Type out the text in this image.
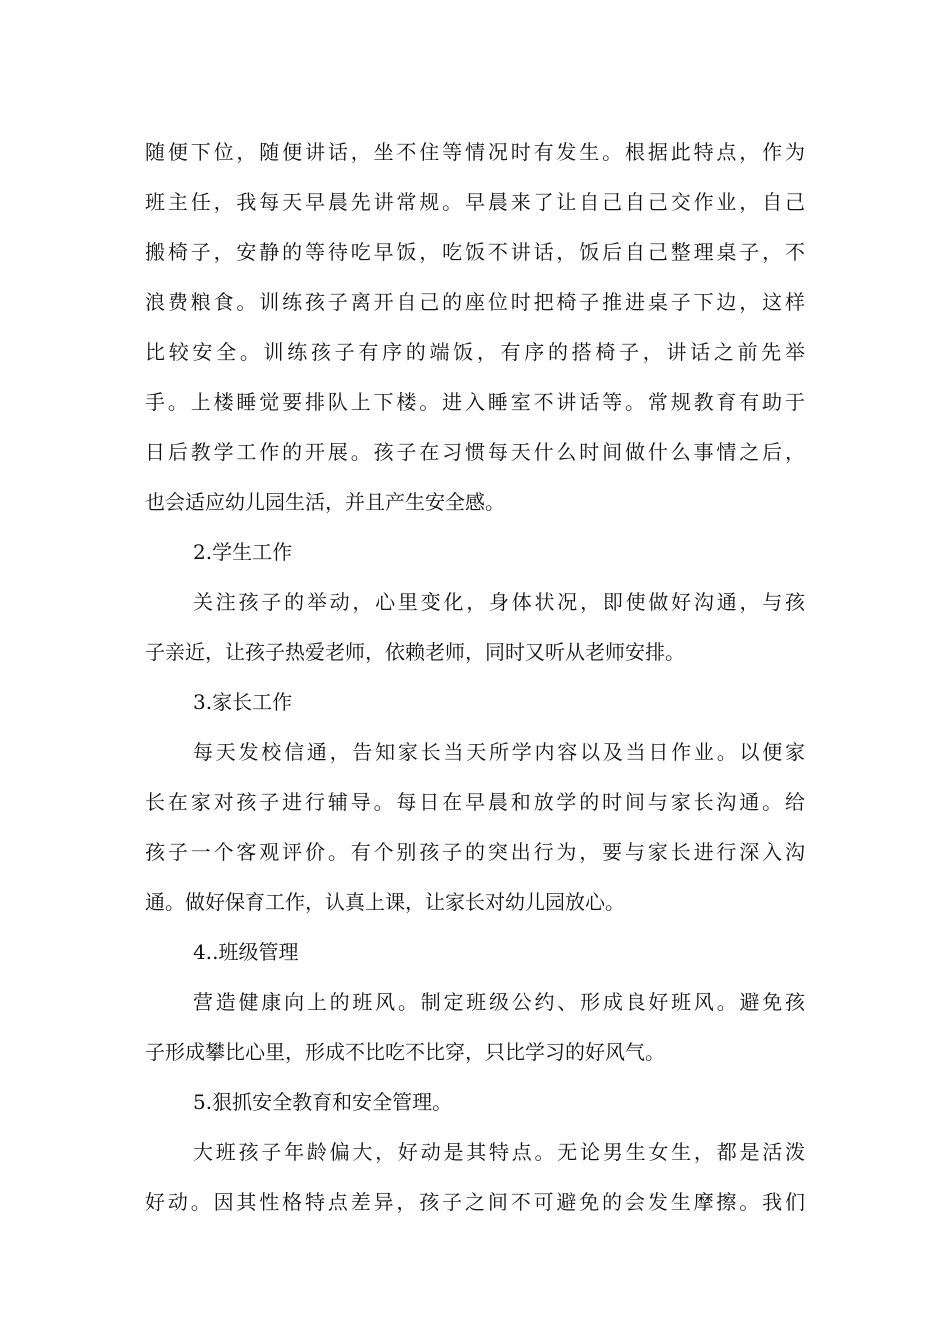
随便下位，随便讲话，坐不住等情况时有发生。根据此特点，作为
班主任，我每天早晨先讲常规。早晨来了让自己自己交作业，自己
搬椅子，安静的等待吃早饭，吃饭不讲话，饭后自己整理桌子，不
浪费粮食。训练孩子离开自己的座位时把椅子推进桌子下边，这样
比较安全。训练孩子有序的端饭，有序的搭椅子，讲话之前先举
手。上楼睡觉要排队上下楼。进入睡室不讲话等。常规教育有助于
日后教学工作的开展。孩子在习惯每天什么时间做什么事情之后，
也会适应幼儿园生活，并且产生安全感。
2.学生工作
关注孩子的举动，心里变化，身体状况，即使做好沟通，与孩
子亲近，让孩子热爱老师，依赖老师，同时又听从老师安排。
3.家长工作
每天发校信通，告知家长当天所学内容以及当日作业。以便家
长在家对孩子进行辅导。每日在早晨和放学的时间与家长沟通。给
孩子一个客观评价。有个别孩子的突出行为，要与家长进行深入沟
通。做好保育工作，认真上课，让家长对幼儿园放心。
4..班级管理
营造健康向上的班风。制定班级公约、形成良好班风。避免孩
子形成攀比心里，形成不比吃不比穿，只比学习的好风气。
5.狠抓安全教育和安全管理。
大班孩子年龄偏大，好动是其特点。无论男生女生，都是活泼
好动。因其性格特点差异，孩子之间不可避免的会发生摩擦。我们
